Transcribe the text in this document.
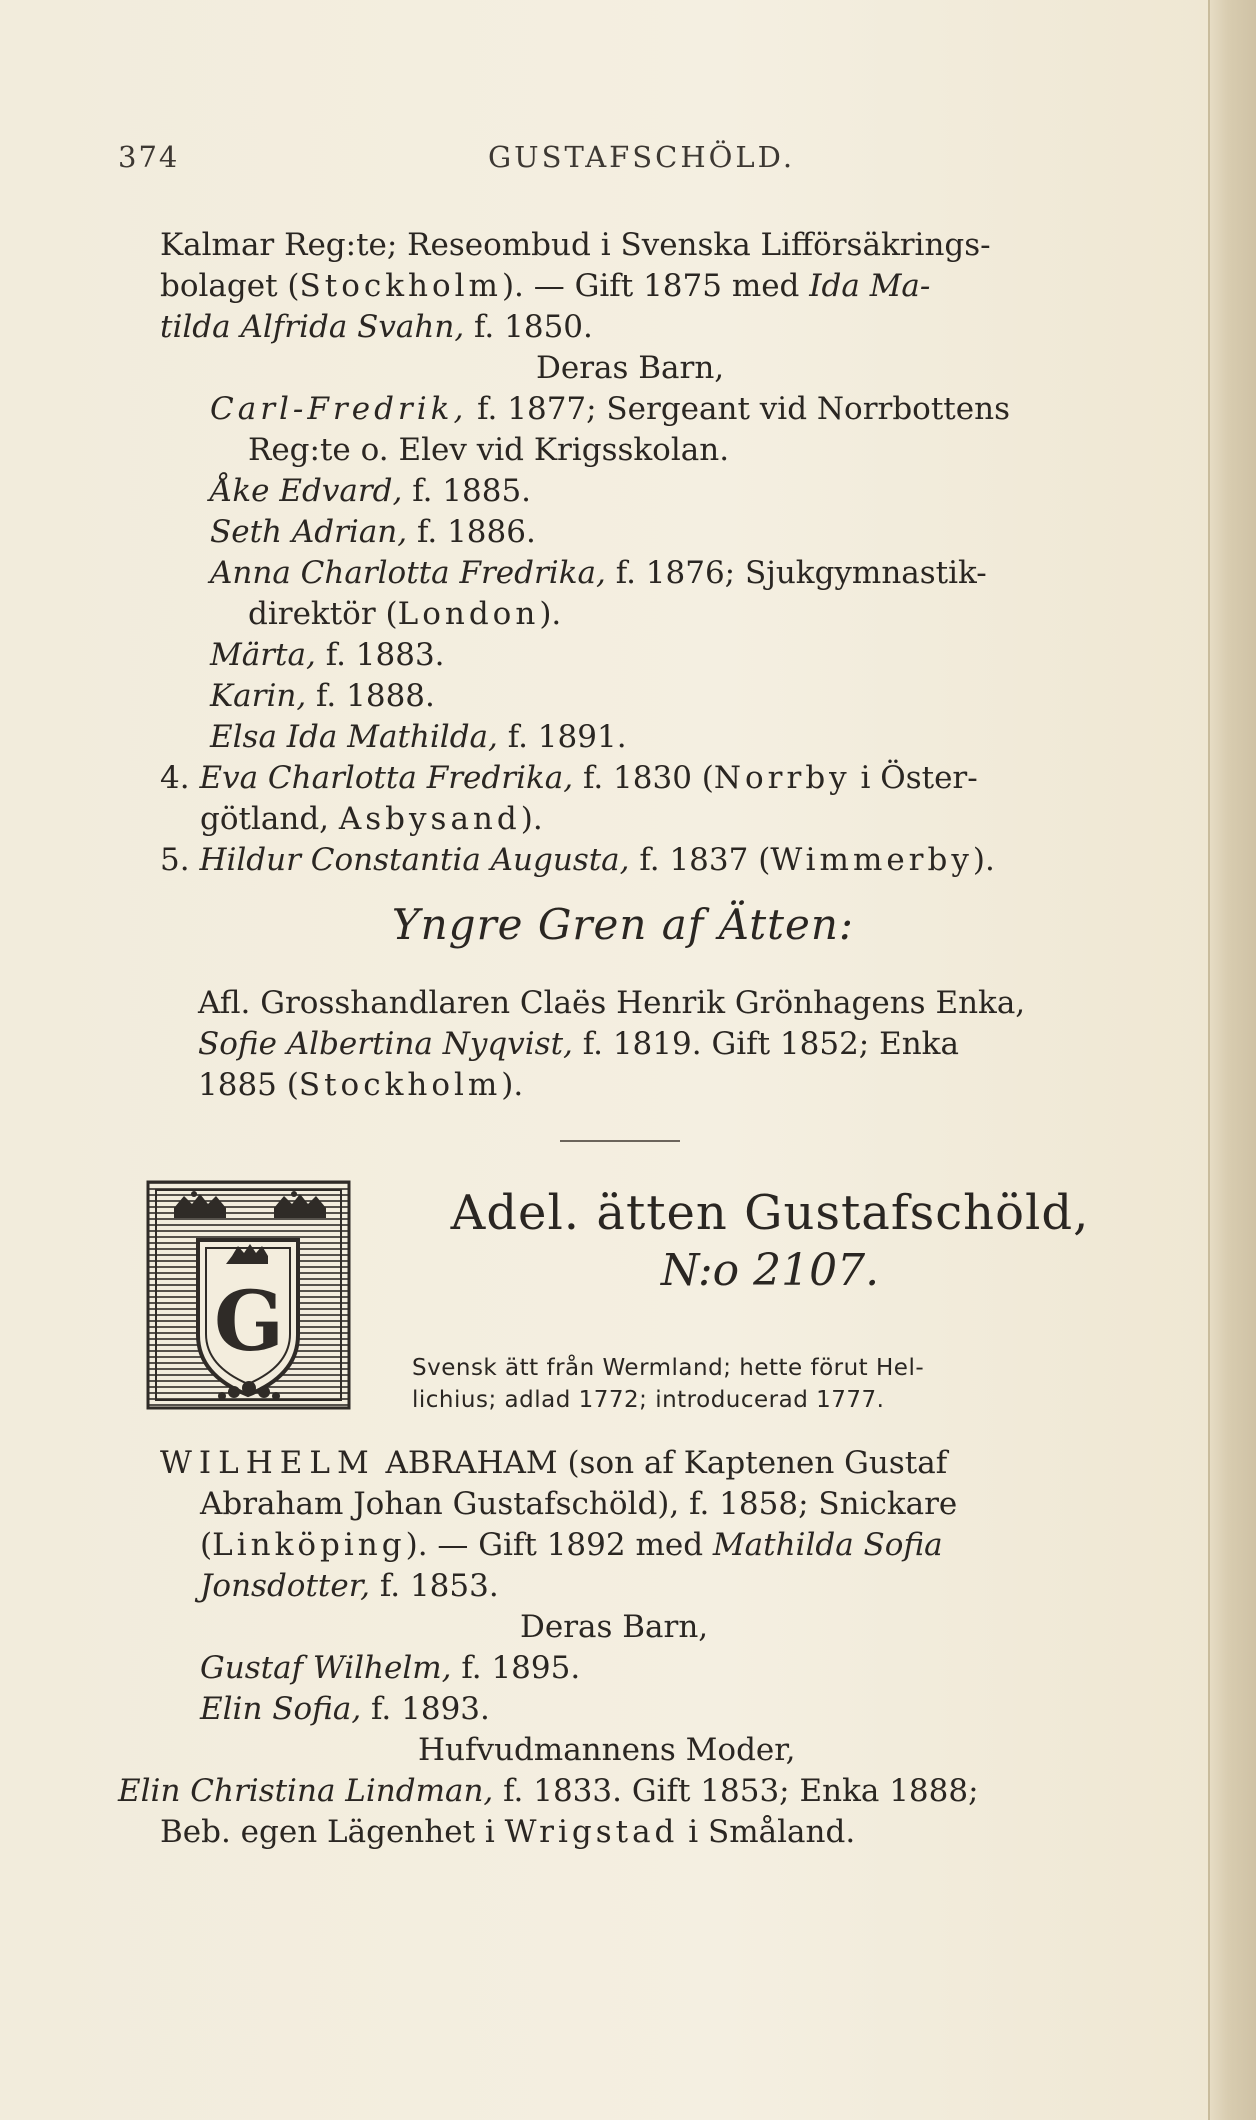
374	GUSTAFSCHÖLD.
Kalmar Reg:te; Reseombud i Svenska Lifförsäkrings-
bolaget (Stockholm). — Gift 1875 med Ida Ma-
tilda Alfrida Svahn, f. 1850.
Deras Barn,
Carl-Fredrik, f. 1877; Sergeant vid Norrbottens
Reg:te o. Elev vid Krigsskolan.
Åke Edvard, f. 1885.
Seth Adrian, f. 1886.
Anna Charlotta Fredrika, f. 1876; Sjukgymnastik-
direktör (London).
Märta, f. 1883.
Karin, f. 1888.
Elsa Ida Mathilda, f. 1891.
4. Eva Charlotta Fredrika, f. 1830 (Norrby i Öster-
götland, Asbysand).
5. Hildur Constantia Augusta, f. 1837 (Wimmerby).
Yngre Gren af Ätten:
Afl. Grosshandlaren Claës Henrik Grönhagens Enka,
Sofie Albertina Nyqvist, f. 1819. Gift 1852; Enka
1885 (Stockholm).
G
Adel. ätten Gustafschöld,
N:o 2107.
Svensk ätt från Wermland; hette förut Hel-
lichius; adlad 1772; introducerad 1777.
WILHELM ABRAHAM (son af Kaptenen Gustaf
Abraham Johan Gustafschöld), f. 1858; Snickare
(Linköping). — Gift 1892 med Mathilda Sofia
Jonsdotter, f. 1853.
Deras Barn,
Gustaf Wilhelm, f. 1895.
Elin Sofia, f. 1893.
Hufvudmannens Moder,
Elin Christina Lindman, f. 1833. Gift 1853; Enka 1888;
Beb. egen Lägenhet i Wrigstad i Småland.
